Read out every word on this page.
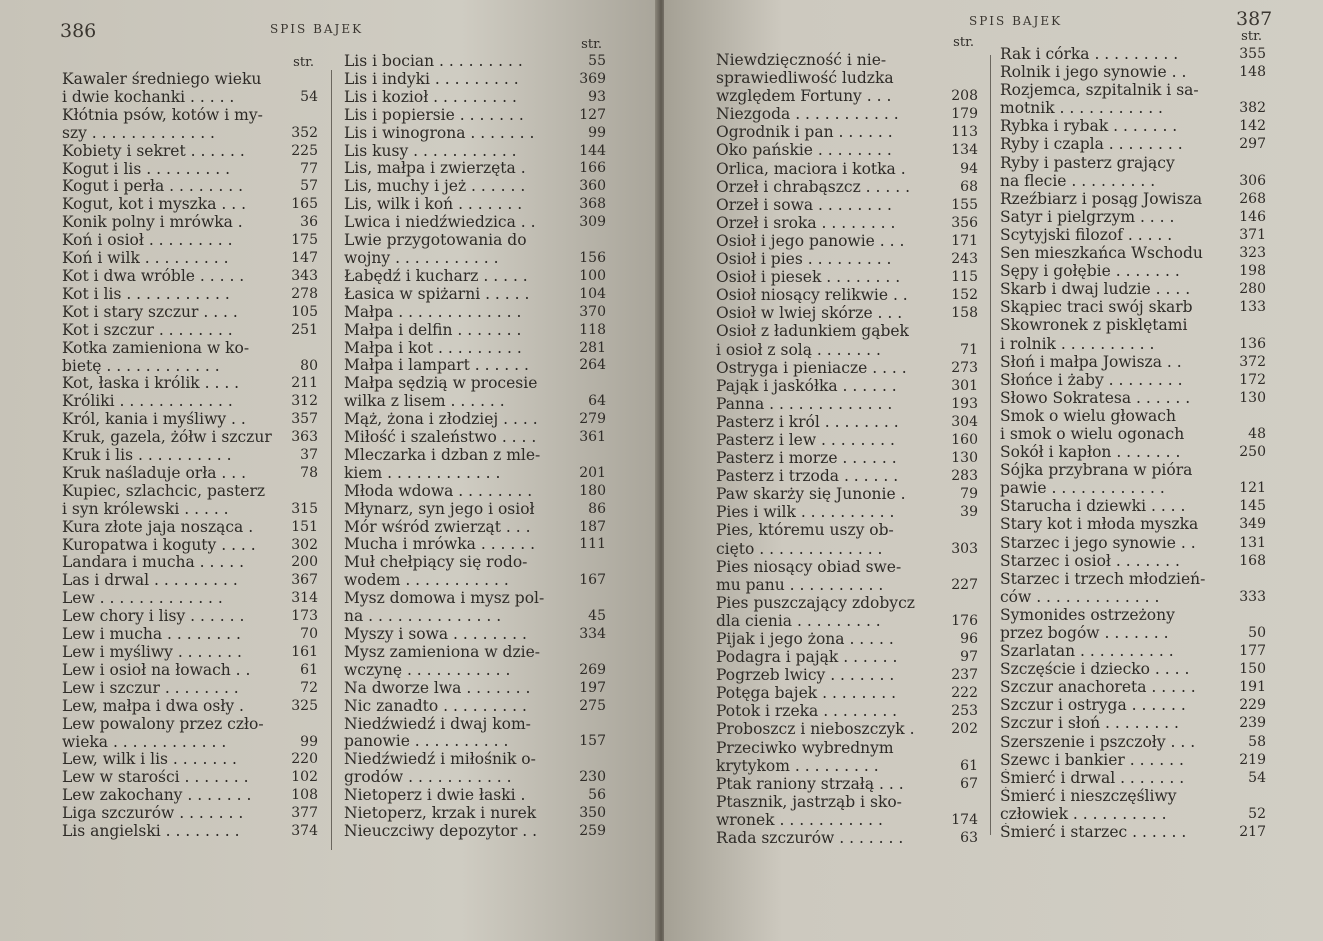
386	SPIS BAJEK
str.
Kawaler średniego wieku
i dwie kochanki . . . . .	54
Kłótnia psów, kotów i my-
szy . . . . . . . . . . . . .	352
Kobiety i sekret . . . . . .	225
Kogut i lis . . . . . . . . .	77
Kogut i perła . . . . . . . .	57
Kogut, kot i myszka . . .	165
Konik polny i mrówka .	36
Koń i osioł . . . . . . . . .	175
Koń i wilk . . . . . . . . .	147
Kot i dwa wróble . . . . .	343
Kot i lis . . . . . . . . . . .	278
Kot i stary szczur . . . .	105
Kot i szczur . . . . . . . .	251
Kotka zamieniona w ko-
bietę . . . . . . . . . . . .	80
Kot, łaska i królik . . . .	211
Króliki . . . . . . . . . . . .	312
Król, kania i myśliwy . .	357
Kruk, gazela, żółw i szczur	363
Kruk i lis . . . . . . . . . .	37
Kruk naśladuje orła . . .	78
Kupiec, szlachcic, pasterz
i syn królewski . . . . .	315
Kura złote jaja nosząca .	151
Kuropatwa i koguty . . . .	302
Landara i mucha . . . . .	200
Las i drwal . . . . . . . . .	367
Lew . . . . . . . . . . . . .	314
Lew chory i lisy . . . . . .	173
Lew i mucha . . . . . . . .	70
Lew i myśliwy . . . . . . .	161
Lew i osioł na łowach . .	61
Lew i szczur . . . . . . . .	72
Lew, małpa i dwa osły .	325
Lew powalony przez czło-
wieka . . . . . . . . . . . .	99
Lew, wilk i lis . . . . . . .	220
Lew w starości . . . . . . .	102
Lew zakochany . . . . . . .	108
Liga szczurów . . . . . . .	377
Lis angielski . . . . . . . .	374
str.
Lis i bocian . . . . . . . . .	55
Lis i indyki . . . . . . . . .	369
Lis i kozioł . . . . . . . . .	93
Lis i popiersie . . . . . . .	127
Lis i winogrona . . . . . . .	99
Lis kusy . . . . . . . . . . .	144
Lis, małpa i zwierzęta .	166
Lis, muchy i jeż . . . . . .	360
Lis, wilk i koń . . . . . . .	368
Lwica i niedźwiedzica . .	309
Lwie przygotowania do
wojny . . . . . . . . . . .	156
Łabędź i kucharz . . . . .	100
Łasica w spiżarni . . . . .	104
Małpa . . . . . . . . . . . . .	370
Małpa i delfin . . . . . . .	118
Małpa i kot . . . . . . . . .	281
Małpa i lampart . . . . . .	264
Małpa sędzią w procesie
wilka z lisem . . . . . .	64
Mąż, żona i złodziej . . . .	279
Miłość i szaleństwo . . . .	361
Mleczarka i dzban z mle-
kiem . . . . . . . . . . . .	201
Młoda wdowa . . . . . . . .	180
Młynarz, syn jego i osioł	86
Mór wśród zwierząt . . .	187
Mucha i mrówka . . . . . .	111
Muł chełpiący się rodo-
wodem . . . . . . . . . . .	167
Mysz domowa i mysz pol-
na . . . . . . . . . . . . . .	45
Myszy i sowa . . . . . . . .	334
Mysz zamieniona w dzie-
wczynę . . . . . . . . . . .	269
Na dworze lwa . . . . . . .	197
Nic zanadto . . . . . . . . .	275
Niedźwiedź i dwaj kom-
panowie . . . . . . . . . .	157
Niedźwiedź i miłośnik o-
grodów . . . . . . . . . . .	230
Nietoperz i dwie łaski .	56
Nietoperz, krzak i nurek	350
Nieuczciwy depozytor . .	259
387
SPIS BAJEK
str.
Niewdzięczność i nie-
sprawiedliwość ludzka
względem Fortuny . . .	208
Niezgoda . . . . . . . . . . .	179
Ogrodnik i pan . . . . . .	113
Oko pańskie . . . . . . . .	134
Orlica, maciora i kotka .	94
Orzeł i chrabąszcz . . . . .	68
Orzeł i sowa . . . . . . . .	155
Orzeł i sroka . . . . . . . .	356
Osioł i jego panowie . . .	171
Osioł i pies . . . . . . . . .	243
Osioł i piesek . . . . . . . .	115
Osioł niosący relikwie . .	152
Osioł w lwiej skórze . . .	158
Osioł z ładunkiem gąbek
i osioł z solą . . . . . . .	71
Ostryga i pieniacze . . . .	273
Pająk i jaskółka . . . . . .	301
Panna . . . . . . . . . . . . .	193
Pasterz i król . . . . . . . .	304
Pasterz i lew . . . . . . . .	160
Pasterz i morze . . . . . .	130
Pasterz i trzoda . . . . . .	283
Paw skarży się Junonie .	79
Pies i wilk . . . . . . . . . .	39
Pies, któremu uszy ob-
cięto . . . . . . . . . . . . .	303
Pies niosący obiad swe-
mu panu . . . . . . . . . .	227
Pies puszczający zdobycz
dla cienia . . . . . . . . .	176
Pijak i jego żona . . . . .	96
Podagra i pająk . . . . . .	97
Pogrzeb lwicy . . . . . . .	237
Potęga bajek . . . . . . . .	222
Potok i rzeka . . . . . . . .	253
Proboszcz i nieboszczyk .	202
Przeciwko wybrednym
krytykom . . . . . . . . .	61
Ptak raniony strzałą . . .	67
Ptasznik, jastrząb i sko-
wronek . . . . . . . . . . .	174
Rada szczurów . . . . . . .	63
str.
Rak i córka . . . . . . . . .	355
Rolnik i jego synowie . .	148
Rozjemca, szpitalnik i sa-
motnik . . . . . . . . . . .	382
Rybka i rybak . . . . . . .	142
Ryby i czapla . . . . . . . .	297
Ryby i pasterz grający
na flecie . . . . . . . . .	306
Rzeźbiarz i posąg Jowisza	268
Satyr i pielgrzym . . . .	146
Scytyjski filozof . . . . .	371
Sen mieszkańca Wschodu	323
Sępy i gołębie . . . . . . .	198
Skarb i dwaj ludzie . . . .	280
Skąpiec traci swój skarb	133
Skowronek z pisklętami
i rolnik . . . . . . . . . .	136
Słoń i małpa Jowisza . .	372
Słońce i żaby . . . . . . . .	172
Słowo Sokratesa . . . . . .	130
Smok o wielu głowach
i smok o wielu ogonach	48
Sokół i kapłon . . . . . . .	250
Sójka przybrana w pióra
pawie . . . . . . . . . . . .	121
Starucha i dziewki . . . .	145
Stary kot i młoda myszka	349
Starzec i jego synowie . .	131
Starzec i osioł . . . . . . .	168
Starzec i trzech młodzień-
ców . . . . . . . . . . . . .	333
Symonides ostrzeżony
przez bogów . . . . . . .	50
Szarlatan . . . . . . . . . .	177
Szczęście i dziecko . . . .	150
Szczur anachoreta . . . . .	191
Szczur i ostryga . . . . . .	229
Szczur i słoń . . . . . . . .	239
Szerszenie i pszczoły . . .	58
Szewc i bankier . . . . . .	219
Śmierć i drwal . . . . . . .	54
Śmierć i nieszczęśliwy
człowiek . . . . . . . . . .	52
Śmierć i starzec . . . . . .	217
